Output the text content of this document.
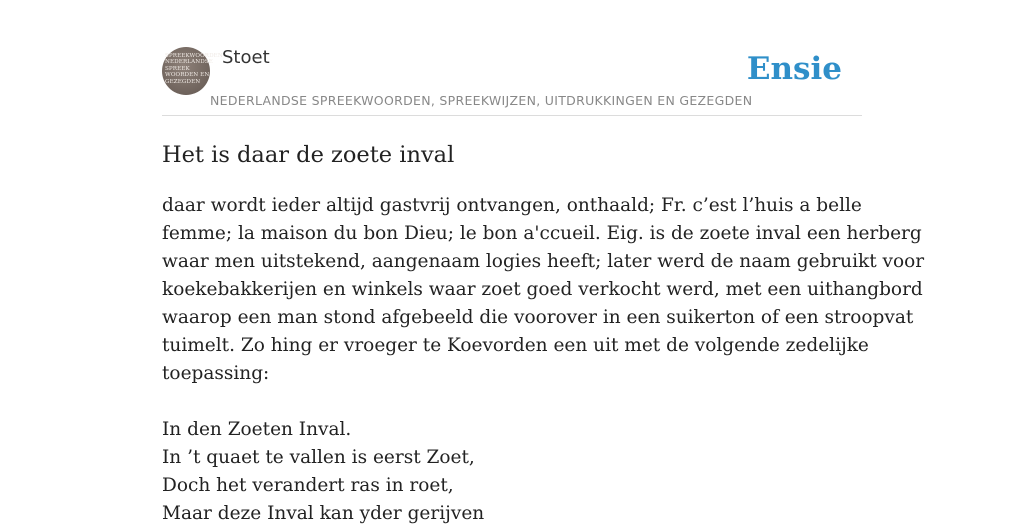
SPREEKWOORDEN
NEDERLANDSE
SPREEK
WOORDEN EN
GEZEGDEN
Stoet
NEDERLANDSE SPREEKWOORDEN, SPREEKWIJZEN, UITDRUKKINGEN EN GEZEGDEN
Ensie
Het is daar de zoete inval
daar wordt ieder altijd gastvrij ontvangen, onthaald; Fr. c’est l’huis a belle
femme; la maison du bon Dieu; le bon a'ccueil. Eig. is de zoete inval een herberg
waar men uitstekend, aangenaam logies heeft; later werd de naam gebruikt voor
koekebakkerijen en winkels waar zoet goed verkocht werd, met een uithangbord
waarop een man stond afgebeeld die voorover in een suikerton of een stroopvat
tuimelt. Zo hing er vroeger te Koevorden een uit met de volgende zedelijke
toepassing:
In den Zoeten Inval.
In ’t quaet te vallen is eerst Zoet,
Doch het verandert ras in roet,
Maar deze Inval kan yder gerijven
